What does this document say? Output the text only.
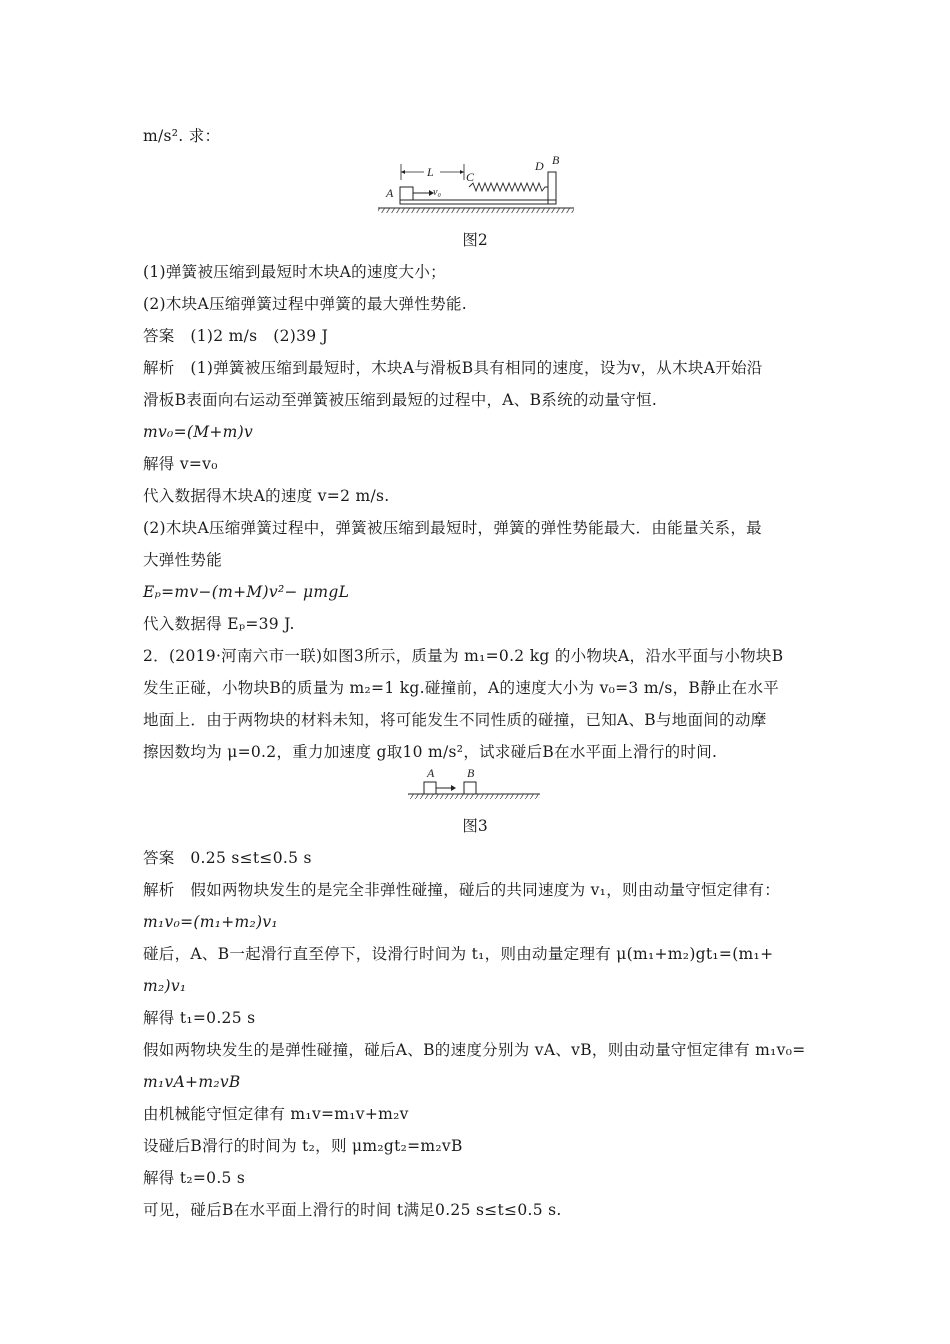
m/s². 求：
L	C
D B
A	v₀
图2
(1)弹簧被压缩到最短时木块A的速度大小；
(2)木块A压缩弹簧过程中弹簧的最大弹性势能.
答案　(1)2 m/s　(2)39 J
解析　(1)弹簧被压缩到最短时，木块A与滑板B具有相同的速度，设为v，从木块A开始沿
滑板B表面向右运动至弹簧被压缩到最短的过程中，A、B系统的动量守恒.
mv₀=(M+m)v
解得 v=v₀
代入数据得木块A的速度 v=2 m/s.
(2)木块A压缩弹簧过程中，弹簧被压缩到最短时，弹簧的弹性势能最大．由能量关系，最
大弹性势能
Eₚ=mv−(m+M)v²− μmgL
代入数据得 Eₚ=39 J.
2．(2019·河南六市一联)如图3所示，质量为 m₁=0.2 kg 的小物块A，沿水平面与小物块B
发生正碰，小物块B的质量为 m₂=1 kg.碰撞前，A的速度大小为 v₀=3 m/s，B静止在水平
地面上．由于两物块的材料未知，将可能发生不同性质的碰撞，已知A、B与地面间的动摩
擦因数均为 μ=0.2，重力加速度 g取10 m/s²，试求碰后B在水平面上滑行的时间.
A	B
图3
答案　0.25 s≤t≤0.5 s
解析　假如两物块发生的是完全非弹性碰撞，碰后的共同速度为 v₁，则由动量守恒定律有：
m₁v₀=(m₁+m₂)v₁
碰后，A、B一起滑行直至停下，设滑行时间为 t₁，则由动量定理有 μ(m₁+m₂)gt₁=(m₁+
m₂)v₁
解得 t₁=0.25 s
假如两物块发生的是弹性碰撞，碰后A、B的速度分别为 vA、vB，则由动量守恒定律有 m₁v₀=
m₁vA+m₂vB
由机械能守恒定律有 m₁v=m₁v+m₂v
设碰后B滑行的时间为 t₂，则 μm₂gt₂=m₂vB
解得 t₂=0.5 s
可见，碰后B在水平面上滑行的时间 t满足0.25 s≤t≤0.5 s.
